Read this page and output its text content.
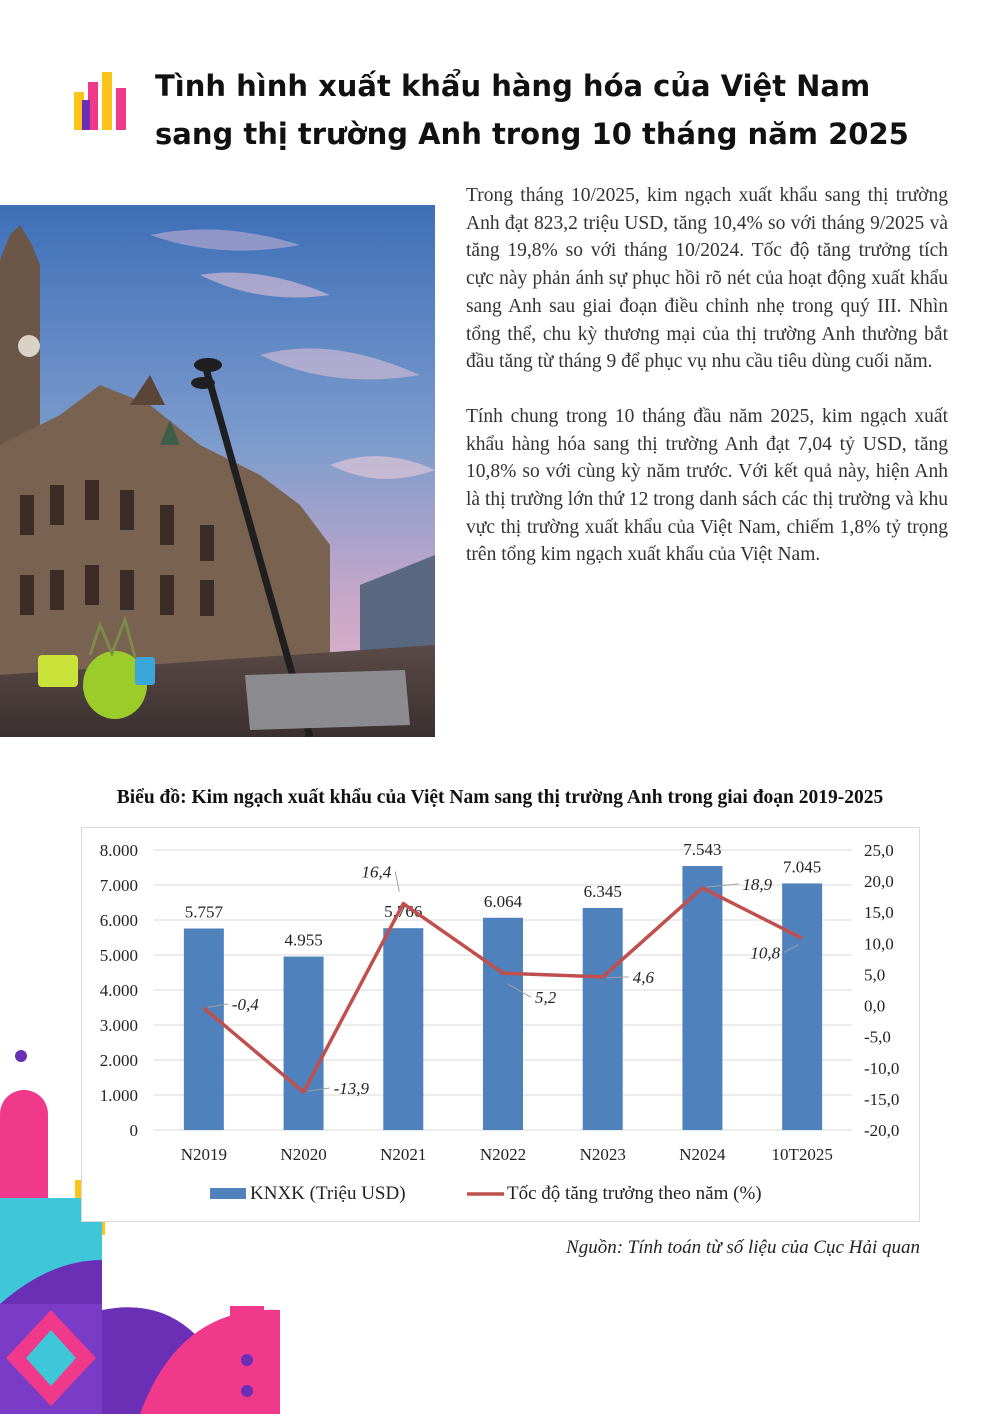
Tình hình xuất khẩu hàng hóa của Việt Nam
sang thị trường Anh trong 10 tháng năm 2025

Trong tháng 10/2025, kim ngạch xuất khẩu sang thị trường Anh đạt 823,2 triệu USD, tăng 10,4% so với tháng 9/2025 và tăng 19,8% so với tháng 10/2024. Tốc độ tăng trưởng tích cực này phản ánh sự phục hồi rõ nét của hoạt động xuất khẩu sang Anh sau giai đoạn điều chỉnh nhẹ trong quý III. Nhìn tổng thể, chu kỳ thương mại của thị trường Anh thường bắt đầu tăng từ tháng 9 để phục vụ nhu cầu tiêu dùng cuối năm.

Tính chung trong 10 tháng đầu năm 2025, kim ngạch xuất khẩu hàng hóa sang thị trường Anh đạt 7,04 tỷ USD, tăng 10,8% so với cùng kỳ năm trước. Với kết quả này, hiện Anh là thị trường lớn thứ 12 trong danh sách các thị trường và khu vực thị trường xuất khẩu của Việt Nam, chiếm 1,8% tỷ trọng trên tổng kim ngạch xuất khẩu của Việt Nam.

Biểu đồ: Kim ngạch xuất khẩu của Việt Nam sang thị trường Anh trong giai đoạn 2019-2025
0
1.000
2.000
3.000
4.000
5.000
6.000
7.000
8.000
-20,0
-15,0
-10,0
-5,0
0,0
5,0
10,0
15,0
20,0
25,0
5.757
N2019
4.955
N2020
5.766
N2021
6.064
N2022
6.345
N2023
7.543
N2024
7.045
10T2025
-0,4
-13,9
16,4
5,2
4,6
18,9
10,8
KNXK (Triệu USD)	Tốc độ tăng trưởng theo năm (%)
Nguồn: Tính toán từ số liệu của Cục Hải quan
